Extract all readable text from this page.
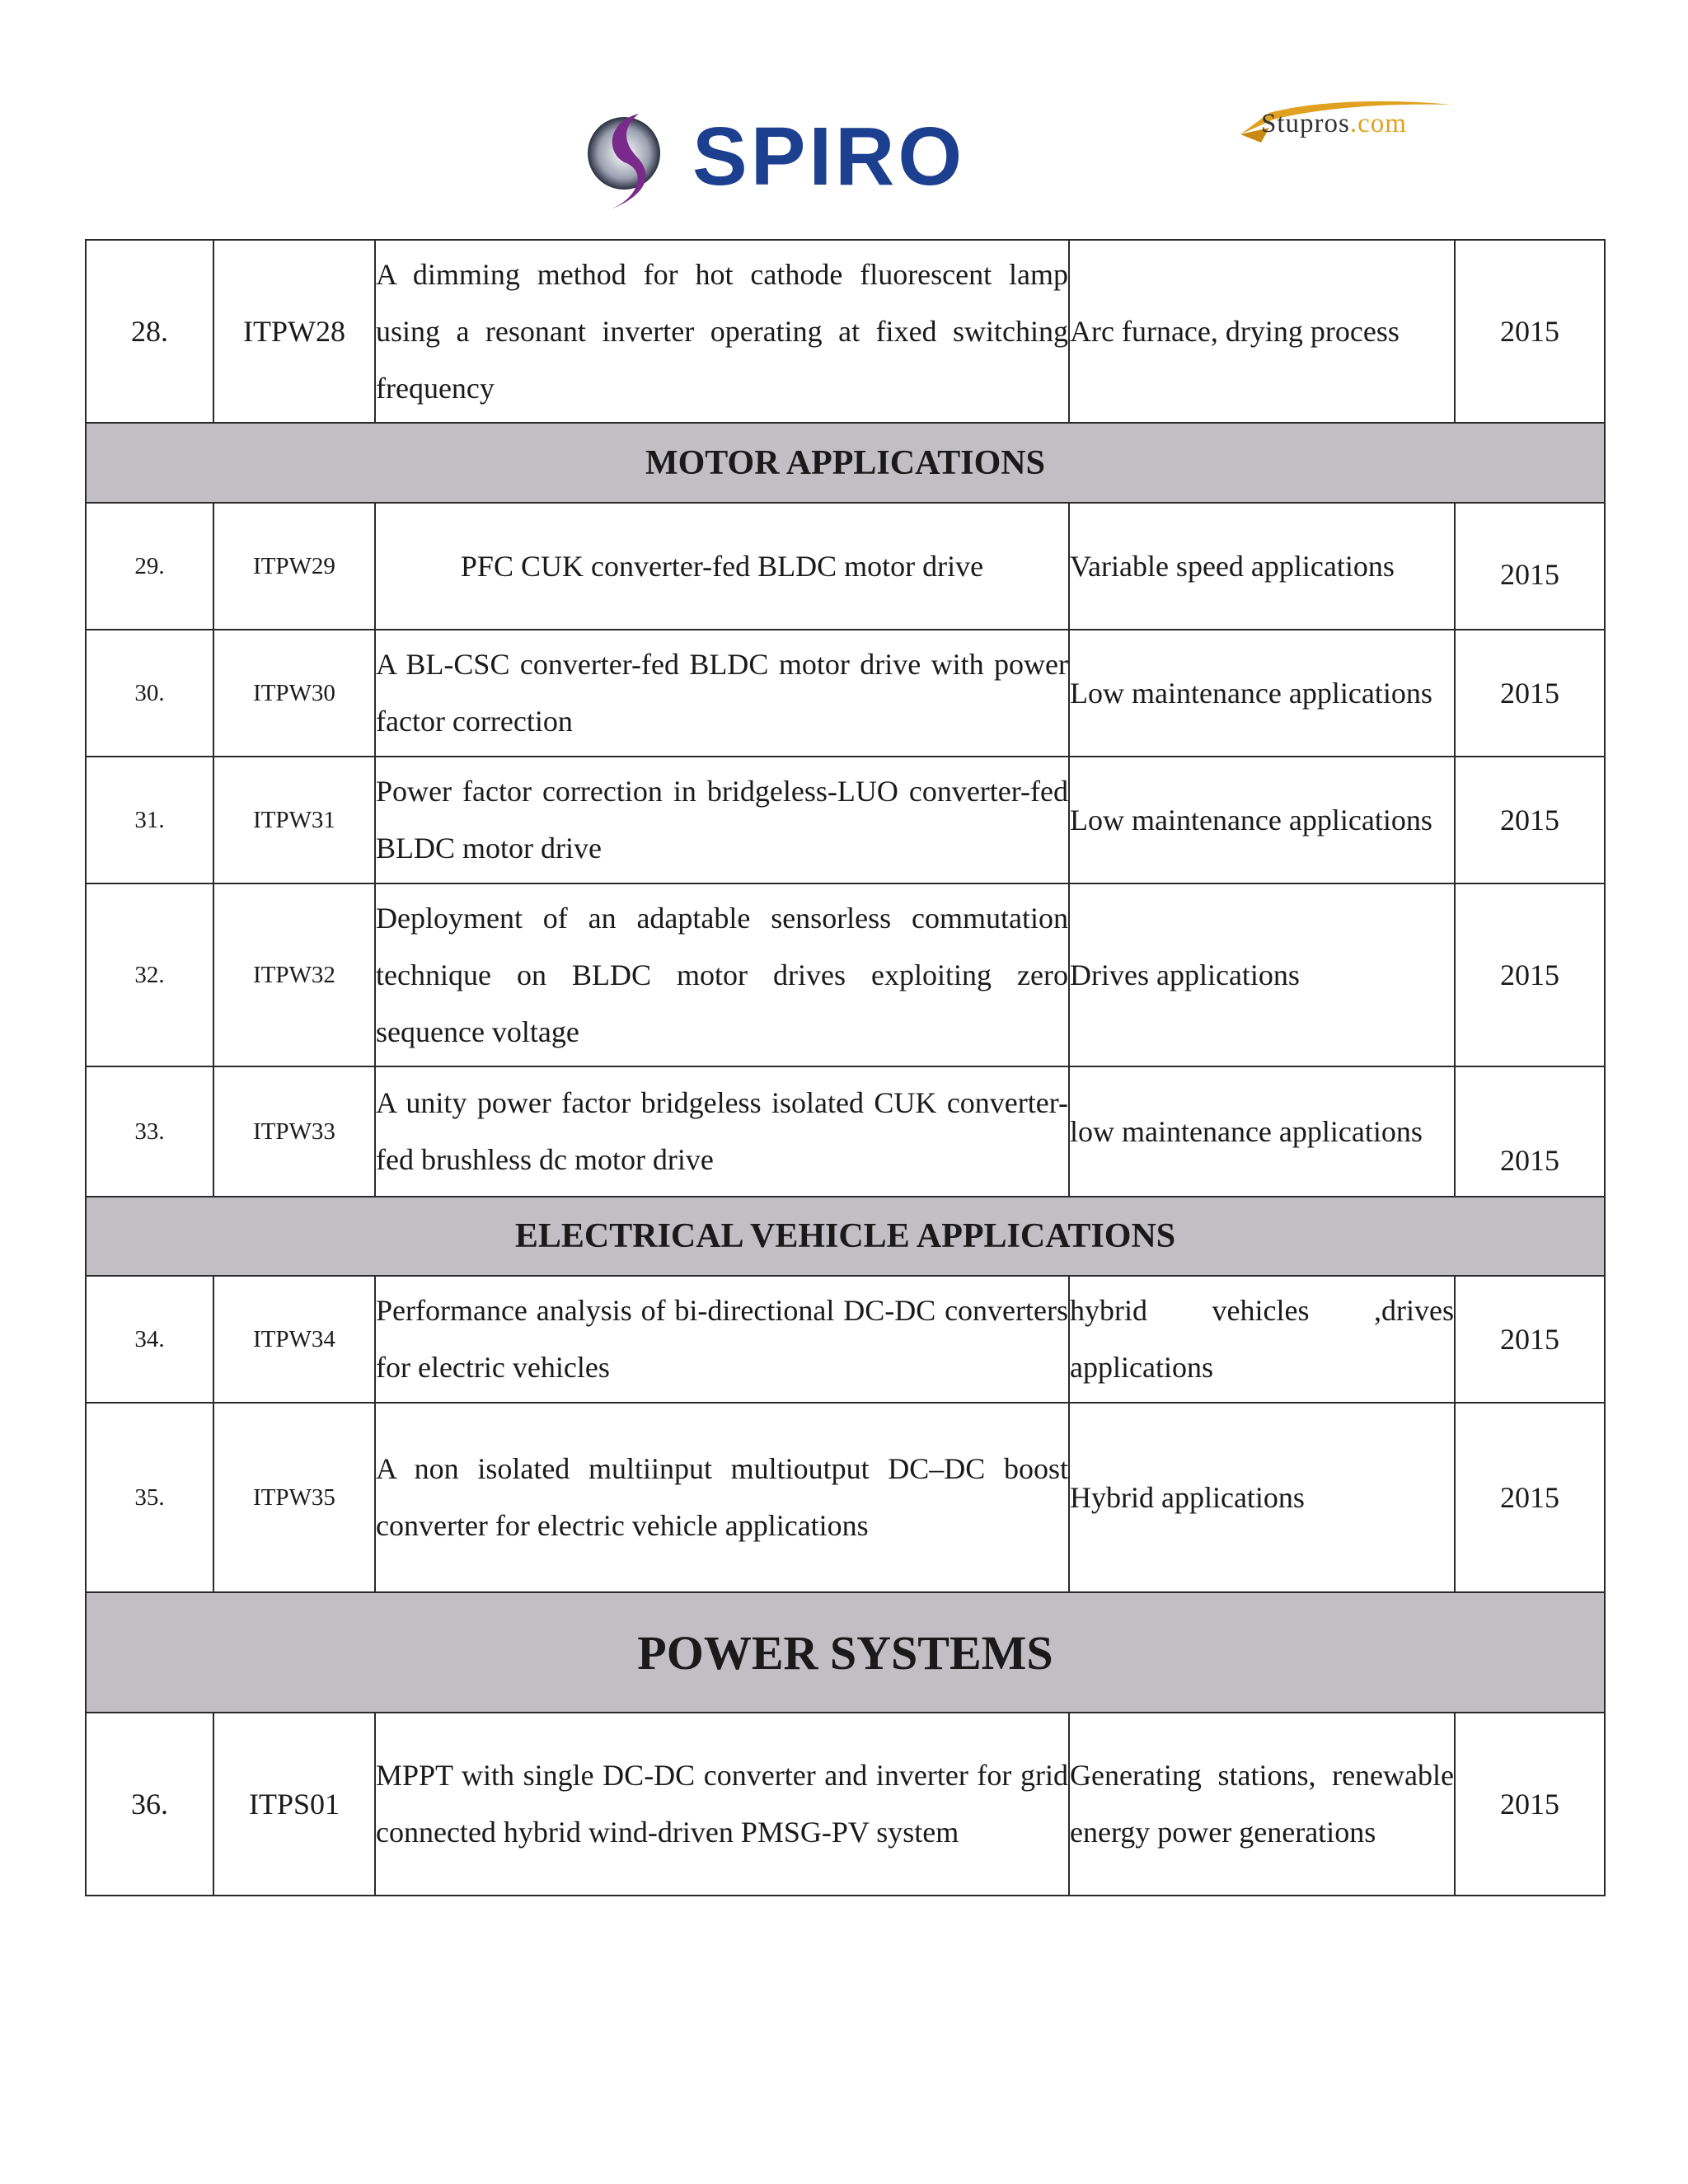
SPIRO	Stupros.com
28.	ITPW28	A dimming method for hot cathode fluorescent lamp using a resonant inverter operating at fixed switching frequency	Arc furnace, drying process	2015
MOTOR APPLICATIONS				
29.	ITPW29	PFC CUK converter-fed BLDC motor drive	Variable speed applications	2015
30.	ITPW30	A BL-CSC converter-fed BLDC motor drive with power factor correction	Low maintenance applications	2015
31.	ITPW31	Power factor correction in bridgeless-LUO converter-fed BLDC motor drive	Low maintenance applications	2015
32.	ITPW32	Deployment of an adaptable sensorless commutation technique on BLDC motor drives exploiting zero sequence voltage	Drives applications	2015
33.	ITPW33	A unity power factor bridgeless isolated CUK converter-fed brushless dc motor drive	low maintenance applications	2015
ELECTRICAL VEHICLE APPLICATIONS				
34.	ITPW34	Performance analysis of bi-directional DC-DC converters for electric vehicles	hybrid vehicles ,drives applications	2015
35.	ITPW35	A non isolated multiinput multioutput DC–DC boost converter for electric vehicle applications	Hybrid applications	2015
POWER SYSTEMS				
36.	ITPS01	MPPT with single DC-DC converter and inverter for grid connected hybrid wind-driven PMSG-PV system	Generating stations, renewable energy power generations	2015
